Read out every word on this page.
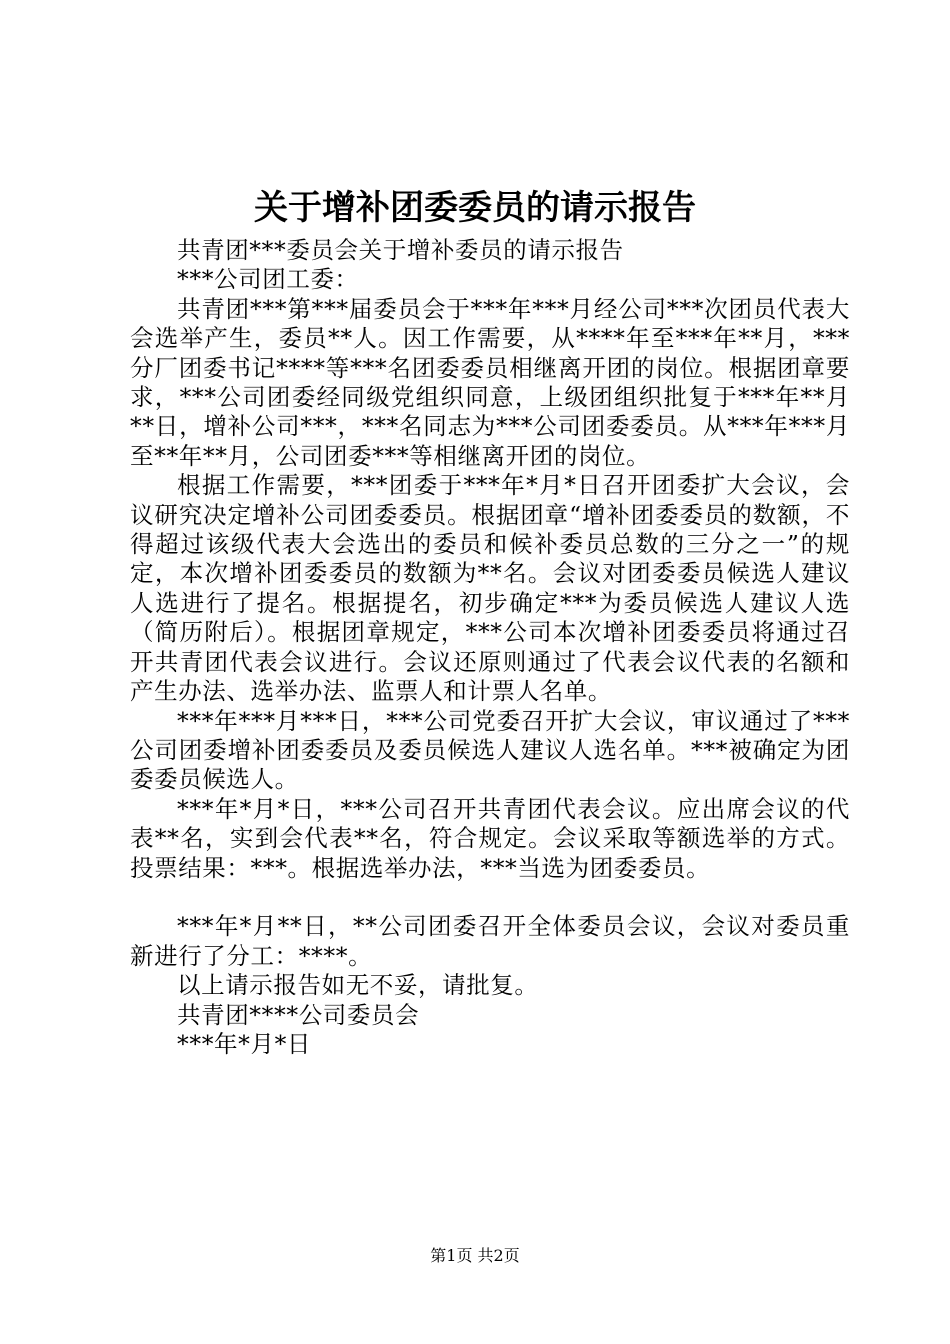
关于增补团委委员的请示报告

共青团***委员会关于增补委员的请示报告

***公司团工委：

共青团***第***届委员会于***年***月经公司***次团员代表大会选举产生，委员**人。因工作需要，从****年至***年**月，***分厂团委书记****等***名团委委员相继离开团的岗位。根据团章要求，***公司团委经同级党组织同意，上级团组织批复于***年**月**日，增补公司***，***名同志为***公司团委委员。从***年***月至**年**月，公司团委***等相继离开团的岗位。

根据工作需要，***团委于***年*月*日召开团委扩大会议，会议研究决定增补公司团委委员。根据团章“增补团委委员的数额，不得超过该级代表大会选出的委员和候补委员总数的三分之一”的规定，本次增补团委委员的数额为**名。会议对团委委员候选人建议人选进行了提名。根据提名，初步确定***为委员候选人建议人选（简历附后）。根据团章规定，***公司本次增补团委委员将通过召开共青团代表会议进行。会议还原则通过了代表会议代表的名额和产生办法、选举办法、监票人和计票人名单。

***年***月***日，***公司党委召开扩大会议，审议通过了***公司团委增补团委委员及委员候选人建议人选名单。***被确定为团委委员候选人。

***年*月*日，***公司召开共青团代表会议。应出席会议的代表**名，实到会代表**名，符合规定。会议采取等额选举的方式。投票结果：***。根据选举办法，***当选为团委委员。

***年*月**日，**公司团委召开全体委员会议，会议对委员重新进行了分工：****。

以上请示报告如无不妥，请批复。

共青团****公司委员会

***年*月*日

第1页 共2页
